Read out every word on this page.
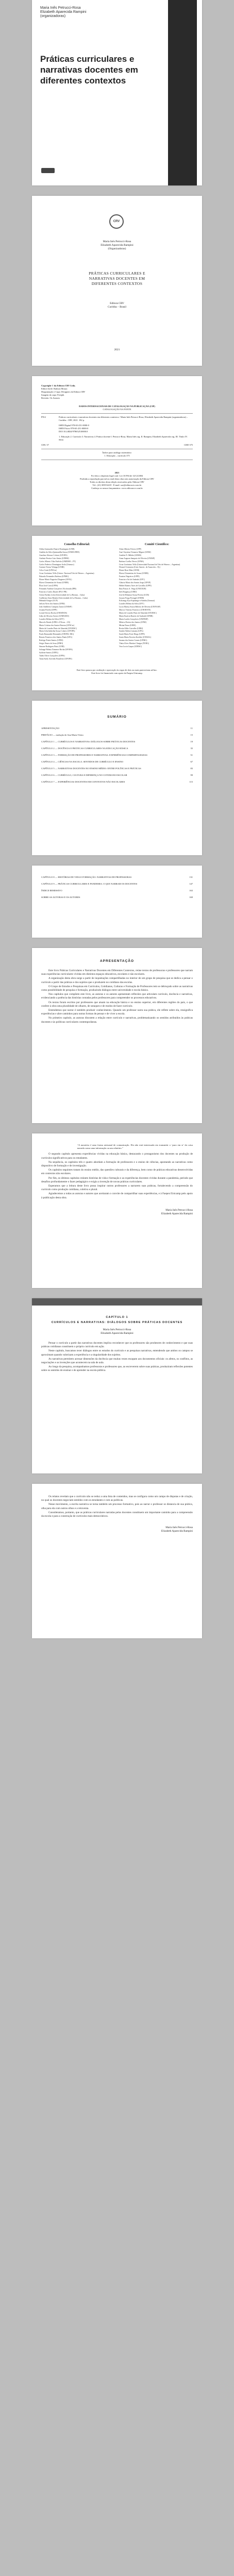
Maria Inês Petrucci-Rosa
Elizabeth Aparecida Rampini
(organizadoras)
Práticas curriculares e narrativas docentes em diferentes contextos
CRV
Maria Inês Petrucci-Rosa
Elizabeth Aparecida Rampini
(Organizadoras)
PRÁTICAS CURRICULARES E
NARRATIVAS DOCENTES EM
DIFERENTES CONTEXTOS
Editora CRV
Curitiba – Brasil
2021
Copyright © da Editora CRV Ltda.
Editor-chefe: Railson Moura
Diagramação e Capa: Designers da Editora CRV
Imagem da capa: Freepik
Revisão: Os Autores
DADOS INTERNACIONAIS DE CATALOGAÇÃO NA PUBLICAÇÃO (CIP)
CATALOGAÇÃO NA FONTE
P912	Práticas curriculares e narrativas docentes em diferentes contextos / Maria Inês Petrucci-Rosa, Elizabeth Aparecida Rampini (organizadoras) – Curitiba : CRV, 2021. 182 p.
ISBN Digital 978-65-251-0000-0
ISBN Físico 978-65-251-0000-0
DOI 10.24824/978652510000.0
1. Educação 2. Currículo 3. Narrativas 4. Prática docente I. Petrucci-Rosa, Maria Inês org. II. Rampini, Elizabeth Aparecida org. III. Título IV. Série.
CDU 37	CDD 375
Índice para catálogo sistemático
1. Educação – currículo 375
2021
Foi feito o depósito legal conf. Lei 10.994 de 14/12/2004
Proibida a reprodução parcial ou total desta obra sem autorização da Editora CRV
Todos os direitos desta edição reservados pela: Editora CRV
Tel.: (41) 3039-6418 - E-mail: sac@editoracrv.com.br
Conheça os nossos lançamentos: www.editoracrv.com.br
Conselho Editorial:

Aldira Guimarães Duarte Domínguez (UNB)

Andréia da Silva Quintanilha Sousa (UNIR/UFRN)

Anselmo Alencar Colares (UFOPA)

Antônio Pereira Gaio Júnior (UFRRJ)

Carlos Alberto Vilar Estêvão (UMINHO – PT)

Carlos Federico Dominguez Avila (Unieuro)

Carmen Tereza Velanga (UNIR)

Celso Conti (UFSCar)

Cesar Gerónimo Tello (Univer. Nacional Três de Febrero – Argentina)

Eduardo Fernandes Barbosa (UFMG)

Elione Maria Nogueira Diogenes (UFAL)

Elizeu Clementino de Souza (UNEB)

Élsio José Corá (UFFS)

Fernando Antônio Gonçalves Alcoforado (IPB)

Francisco Carlos Duarte (PUC-PR)

Gloria Fariñas León (Universidade de La Havana – Cuba)

Guillermo Arias Beatón (Universidade de La Havana – Cuba)

Helmuth Krüger (UCP)

Jailson Alves dos Santos (UFRJ)

João Adalberto Campato Junior (UNESP)

Josania Portela (UFPI)

Leonel Severo Rocha (UNISINOS)

Lídia de Oliveira Xavier (UNIEURO)

Lourdes Helena da Silva (UFV)

Marcelo Paixão (UFRJ e UTexas – US)

Maria Cristina dos Santos Bezerra (UFSCar)

Maria de Lourdes Pinto de Almeida (UNOESC)

Maria Lília Imbiriba Sousa Colares (UFOPA)

Paulo Romualdo Hernandes (UNIFAL-MG)

Renato Francisco dos Santos Paula (UFG)

Rodrigo Pratte-Santos (UFES)

Sérgio Nunes de Jesus (IFRO)

Simone Rodrigues Pinto (UNB)

Solange Helena Ximenes-Rocha (UFOPA)

Sydione Santos (UEPG)

Tadeu Oliver Gonçalves (UFPA)

Tania Suely Azevedo Brasileiro (UFOPA)

Comitê Científico:

Altair Alberto Fávero (UPF)

Ana Chrystina Venancio Mignot (UERJ)

Andréia N. Militão (UEMS)

Anna Augusta Sampaio de Oliveira (UNESP)

Barbara Coelho Neves (UFBA)

Cesar Gerónimo Tello (Universidad Nacional de Três de Febrero – Argentina)

Diosnel Centurion (Univ Americ. de Asunción – Py)

Eliane Rose Maio (UEM)

Elizeu Clementino de Souza (UNEB)

Fauston Negreiros (UFPI)

Francisco Ari de Andrade (UFC)

Gláucia Maria dos Santos Jorge (UFOP)

Helder Buenos Aires de Carvalho (UFPI)

Ilma Passos A. Veiga (UNICEUB)

Inês Bragança (UERJ)

José de Ribamar Sousa Pereira (UCB)

Jussara Fraga Portugal (UNEB)

Kilwangy Kya Kapitango-a-Samba (Unemat)

Lourdes Helena da Silva (UFV)

Lucia Marisy Souza Ribeiro de Oliveira (UNIVASF)

Marcos Vinicius Francisco (UNOESTE)

Maria de Lourdes Pinto de Almeida (UNOESC)

Maria Eurácia Barreto de Andrade (UFRB)

Maria Lurdes Gonçalves (UNIFESP)

Mônica Pereira dos Santos (UFRJ)

Mirian Paura (UERJ)

Rosita Edler Carvalho (UERJ)

Sandra Valéria Limonta (UFG)

Sarah Maria Forte Diogo (UFPI)

Sonia Maria Ferreira Koehler (UNISAL)

Suzana dos Santos Gomes (UFMG)

Vânia Alves Martins Chaigar (FURG)

Vera Lucia Gaspar (UDESC)

Este livro passou por avaliação e aprovação às cegas de dois ou mais pareceristas ad hoc.
Este livro foi financiado com apoio da Faepex/Unicamp.
SUMÁRIO
APRESENTAÇÃO	11
PREFÁCIO — tradução de Ana Maria Vieira	15
CAPÍTULO 1 — CURRÍCULOS E NARRATIVAS: DIÁLOGOS SOBRE PRÁTICAS DOCENTES	19
CAPÍTULO 2 — DOCÊNCIA E PRÁTICAS CURRICULARES NA EDUCAÇÃO BÁSICA	35
CAPÍTULO 3 — FORMAÇÃO DE PROFESSORES E NARRATIVAS: EXPERIÊNCIAS COMPARTILHADAS	51
CAPÍTULO 4 — CIÊNCIAS NA ESCOLA: SENTIDOS DE CURRÍCULO E ENSINO	67
CAPÍTULO 5 — NARRATIVAS DOCENTES NO ENSINO MÉDIO: ENTRE POLÍTICAS E PRÁTICAS	83
CAPÍTULO 6 — CURRÍCULO, CULTURA E DIFERENÇA NO COTIDIANO ESCOLAR	99
CAPÍTULO 7 — EXPERIÊNCIAS DOCENTES EM CONTEXTOS NÃO ESCOLARES	115
CAPÍTULO 8 — HISTÓRIAS DE VIDA E FORMAÇÃO: NARRATIVAS DE PROFESSORAS	131
CAPÍTULO 9 — PRÁTICAS CURRICULARES E PANDEMIA: O QUE NARRAM OS DOCENTES	147
ÍNDICE REMISSIVO	163
SOBRE AS AUTORAS E OS AUTORES	169
APRESENTAÇÃO

Este livro Práticas Curriculares e Narrativas Docentes em Diferentes Contextos, reúne textos de professoras e professores que narram suas experiências curriculares vividas em distintos espaços educativos, escolares e não escolares.

A organização desta obra surge a partir de inquietações compartilhadas no interior de um grupo de pesquisa que se dedica a pensar o currículo a partir das práticas e dos sujeitos que o produzem no cotidiano das escolas.

O Grupo de Estudos e Pesquisas em Currículos, Cotidianos, Culturas e Formação de Professores tem se debruçado sobre as narrativas como possibilidade de pesquisa e formação, produzindo diálogos entre universidade e escola básica.

Nos capítulos que compõem este livro, as autoras e os autores apresentam reflexões que articulam currículo, docência e narrativas, evidenciando a potência das histórias contadas pelos professores para compreender os processos educativos.

Os textos foram escritos por professores que atuam na educação básica e no ensino superior, em diferentes regiões do país, o que confere à obra uma pluralidade de olhares, de sotaques e de modos de fazer currículo.

Entendemos que narrar é também produzir conhecimento. Quando um professor narra sua prática, ele reflete sobre ela, ressignifica experiências e abre caminhos para outras formas de pensar e de viver a escola.

No primeiro capítulo, as autoras discutem a relação entre currículo e narrativas, problematizando os sentidos atribuídos às práticas docentes e às políticas curriculares contemporâneas.

“A narrativa é uma forma artesanal de comunicação. Ela não está interessada em transmitir o ‘puro em si’ da coisa narrada como uma informação ou um relatório.”

O segundo capítulo apresenta experiências vividas na educação básica, destacando o protagonismo dos docentes na produção de currículos significativos para os estudantes.

Na sequência, os capítulos três e quatro abordam a formação de professores e o ensino de ciências, apontando as narrativas como dispositivo de formação e de investigação.

Os capítulos seguintes tratam do ensino médio, das questões culturais e da diferença, bem como de práticas educativas desenvolvidas em contextos não escolares.

Por fim, os últimos capítulos reúnem histórias de vida e formação e as experiências docentes vividas durante a pandemia, período que desafiou profundamente o fazer pedagógico e exigiu a invenção de novas práticas curriculares.

Esperamos que a leitura deste livro possa inspirar outros professores a narrarem suas práticas, fortalecendo a compreensão do currículo como produção cotidiana, coletiva e plural.

Agradecemos a todas as autoras e autores que aceitaram o convite de compartilhar suas experiências, e à Faepex/Unicamp pelo apoio à publicação desta obra.

Maria Inês Petrucci-Rosa
Elizabeth Aparecida Rampini
CAPÍTULO 1
CURRÍCULOS E NARRATIVAS: DIÁLOGOS SOBRE PRÁTICAS DOCENTES
Maria Inês Petrucci-Rosa
Elizabeth Aparecida Rampini

Pensar o currículo a partir das narrativas docentes implica reconhecer que os professores são produtores de conhecimento e que suas práticas cotidianas constituem o próprio currículo em ação.

Neste capítulo, buscamos tecer diálogos entre os estudos do currículo e as pesquisas narrativas, entendendo que ambos os campos se aproximam quando valorizam a experiência e a singularidade dos sujeitos.

As narrativas permitem acessar dimensões da docência que muitas vezes escapam aos documentos oficiais: os afetos, os conflitos, as negociações e as invenções que acontecem na sala de aula.

Ao longo da pesquisa, acompanhamos professoras e professores que, ao escreverem sobre suas práticas, produziram reflexões potentes sobre os sentidos de ensinar e de aprender na escola pública.

Os relatos revelam que o currículo não se reduz a uma lista de conteúdos, mas se configura como um campo de disputas e de criação, no qual os docentes negociam sentidos com os estudantes e com as políticas.

Nesse movimento, a escrita narrativa se torna também um processo formativo, pois ao narrar o professor se distancia de sua prática, olha para ela com outros olhos e a reinventa.

Consideramos, portanto, que as práticas curriculares narradas pelos docentes constituem um importante caminho para a compreensão da escola e para a construção de currículos mais democráticos.

Maria Inês Petrucci-Rosa
Elizabeth Aparecida Rampini
